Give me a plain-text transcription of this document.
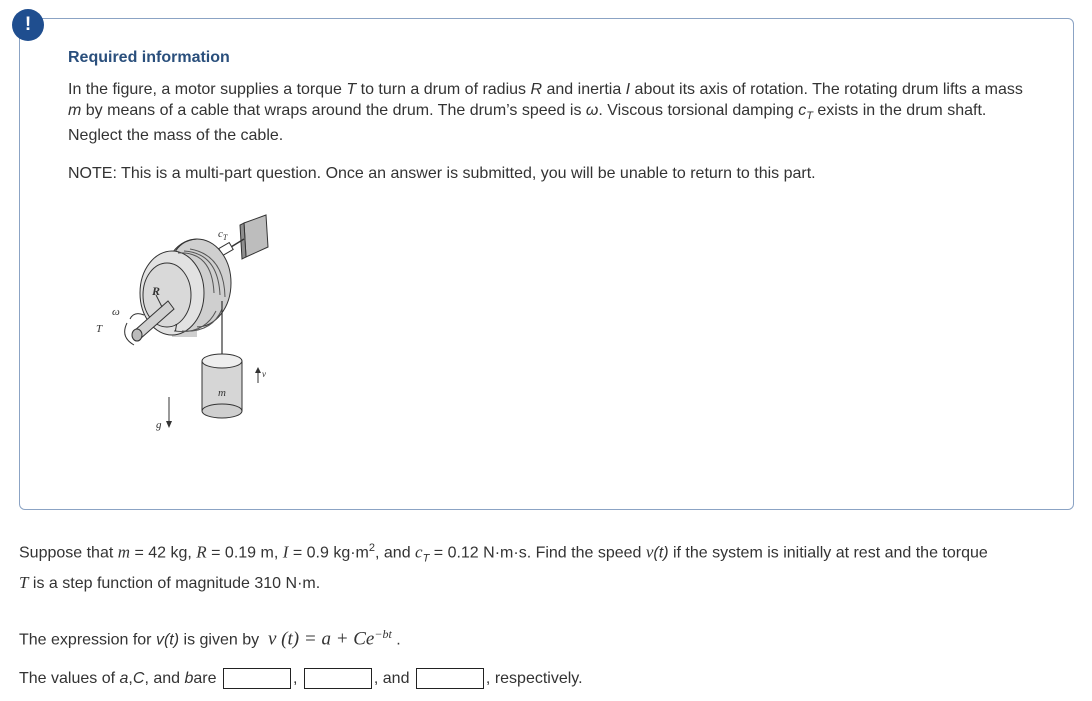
!
Required information
In the figure, a motor supplies a torque T to turn a drum of radius R and inertia I about its axis of rotation. The rotating drum lifts a mass m by means of a cable that wraps around the drum. The drum’s speed is ω. Viscous torsional damping $c_T$ exists in the drum shaft. Neglect the mass of the cable.
NOTE: This is a multi-part question. Once an answer is submitted, you will be unable to return to this part.
$c_T$
R
ω
T	I
m
v
g
Suppose that m = 42 kg, R = 0.19 m, I = 0.9 $kg\cdot m^2$, and $c_T = 0.12$ N·m·s. Find the speed v(t) if the system is initially at rest and the torque
T is a step function of magnitude 310 N·m.
The expression for v(t) is given by  v $(t) = a + Ce^{-bt}$ .
The values of
a , C , and
b are
	,
	, and
	, respectively.
